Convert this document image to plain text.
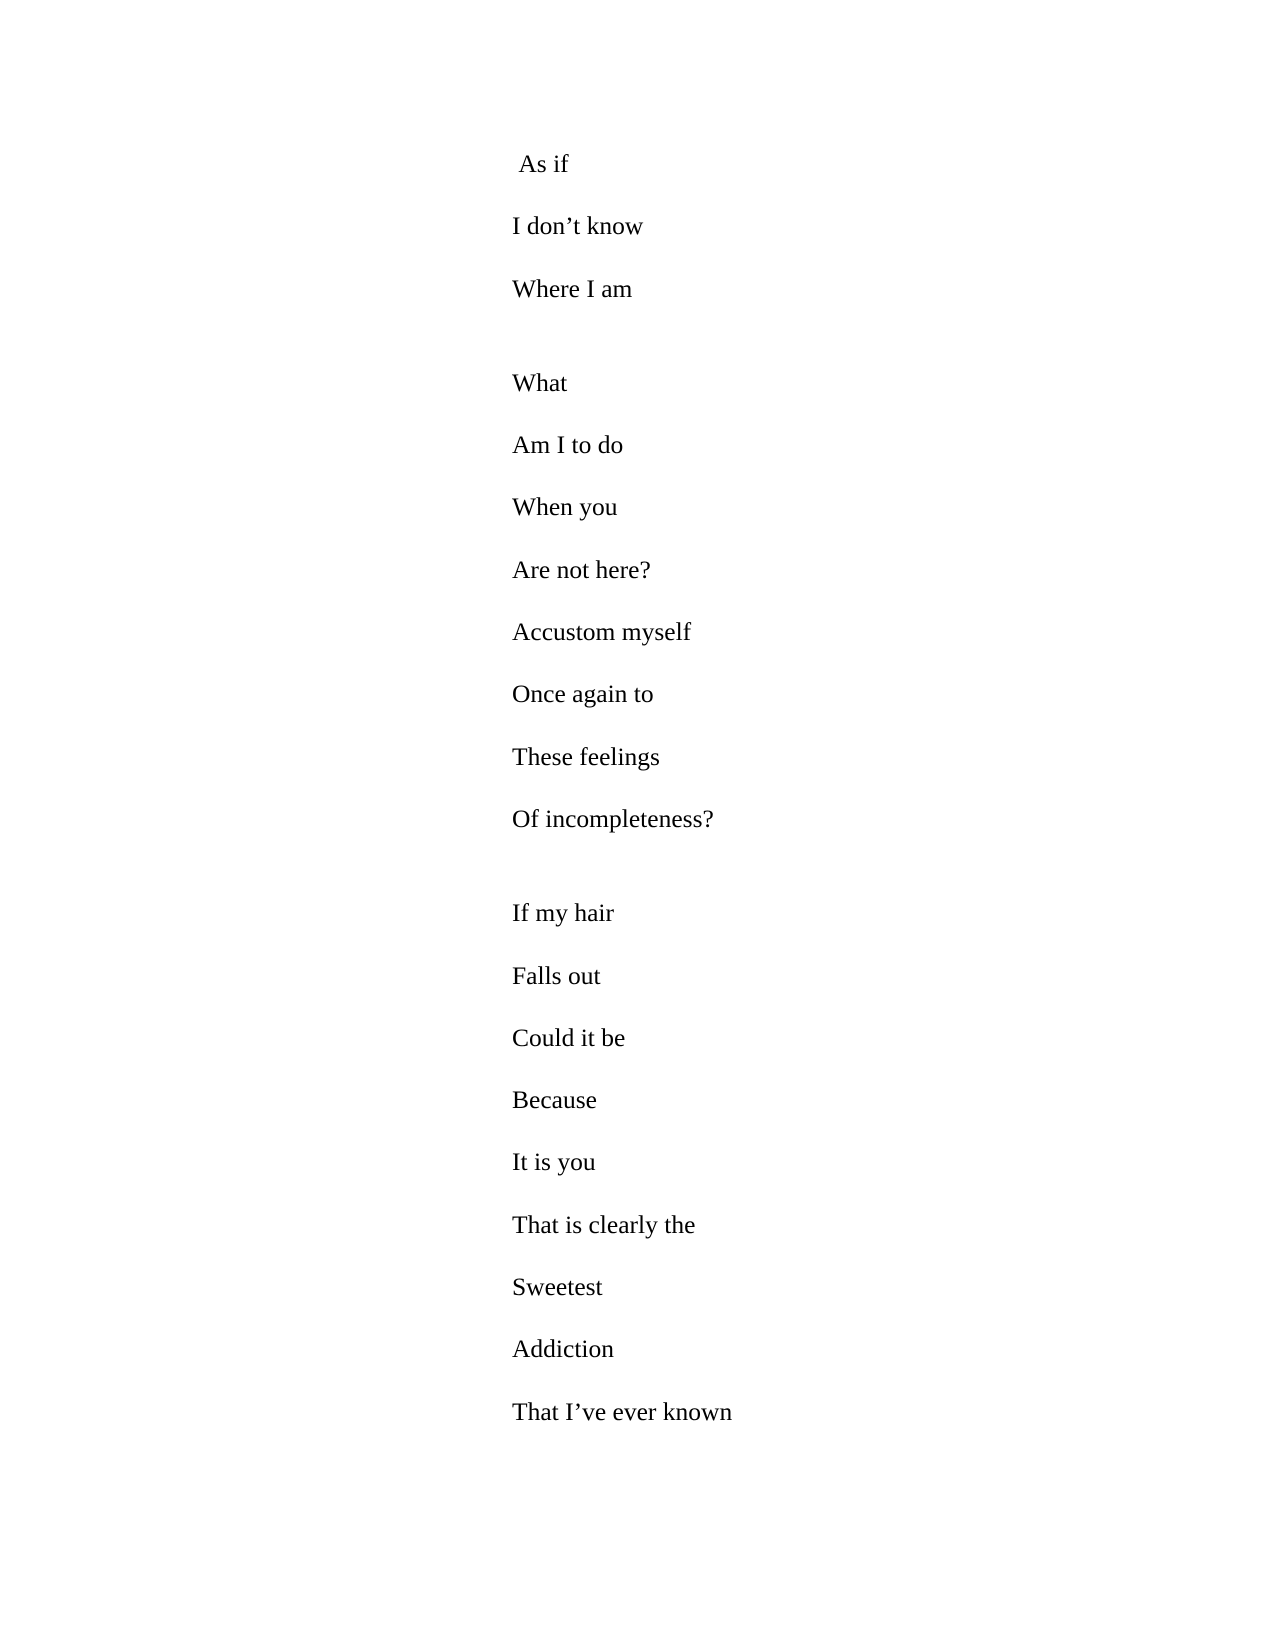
As if

I don’t know

Where I am

What

Am I to do

When you

Are not here?

Accustom myself

Once again to

These feelings

Of incompleteness?

If my hair

Falls out

Could it be

Because

It is you

That is clearly the

Sweetest

Addiction

That I’ve ever known
